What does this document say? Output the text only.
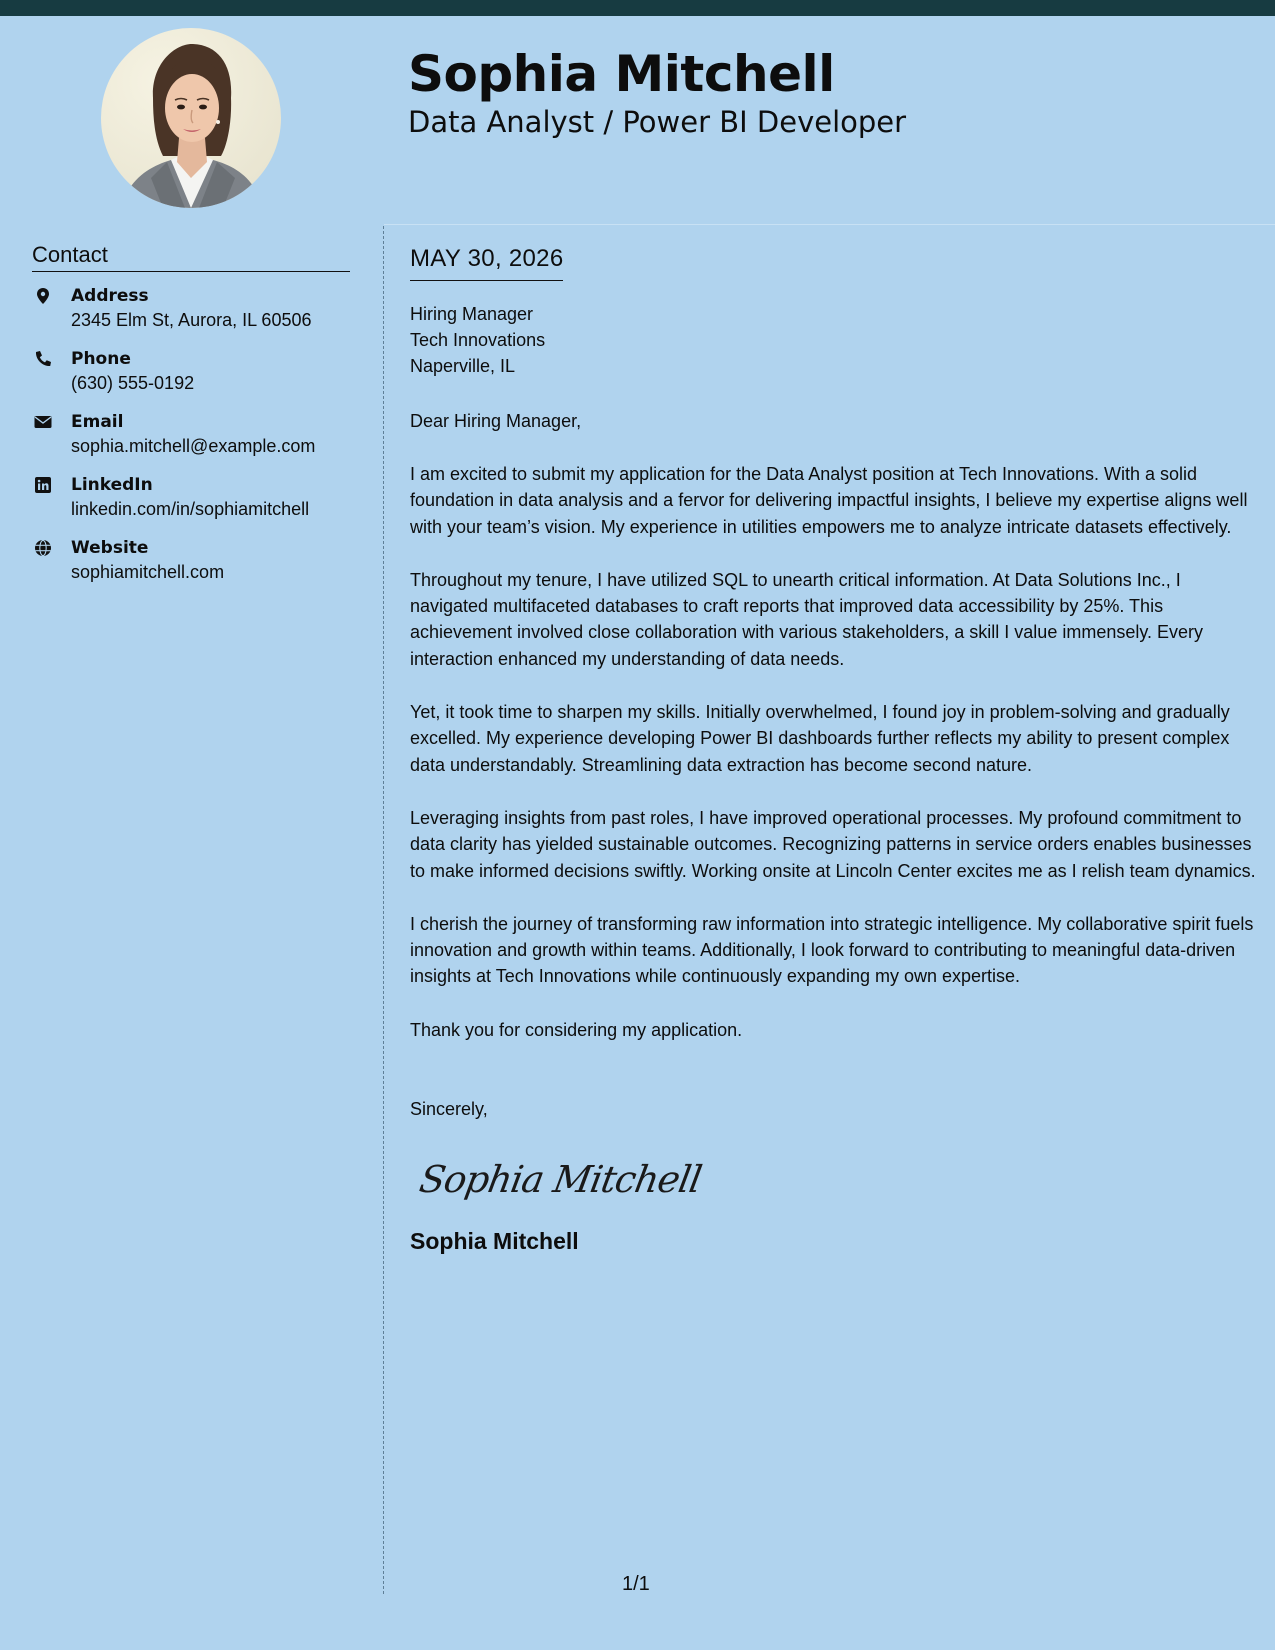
Sophia Mitchell
Data Analyst / Power BI Developer
Contact
Address
2345 Elm St, Aurora, IL 60506
Phone
(630) 555-0192
Email
sophia.mitchell@example.com
LinkedIn
linkedin.com/in/sophiamitchell
Website
sophiamitchell.com
MAY 30, 2026
Hiring Manager
Tech Innovations
Naperville, IL
Dear Hiring Manager,
I am excited to submit my application for the Data Analyst position at Tech Innovations. With a solid foundation in data analysis and a fervor for delivering impactful insights, I believe my expertise aligns well with your team’s vision. My experience in utilities empowers me to analyze intricate datasets effectively.
Throughout my tenure, I have utilized SQL to unearth critical information. At Data Solutions Inc., I navigated multifaceted databases to craft reports that improved data accessibility by 25%. This achievement involved close collaboration with various stakeholders, a skill I value immensely. Every interaction enhanced my understanding of data needs.
Yet, it took time to sharpen my skills. Initially overwhelmed, I found joy in problem-solving and gradually excelled. My experience developing Power BI dashboards further reflects my ability to present complex data understandably. Streamlining data extraction has become second nature.
Leveraging insights from past roles, I have improved operational processes. My profound commitment to data clarity has yielded sustainable outcomes. Recognizing patterns in service orders enables businesses to make informed decisions swiftly. Working onsite at Lincoln Center excites me as I relish team dynamics.
I cherish the journey of transforming raw information into strategic intelligence. My collaborative spirit fuels innovation and growth within teams. Additionally, I look forward to contributing to meaningful data-driven insights at Tech Innovations while continuously expanding my own expertise.
Thank you for considering my application.
Sincerely,
Sophia Mitchell
Sophia Mitchell
1/1
